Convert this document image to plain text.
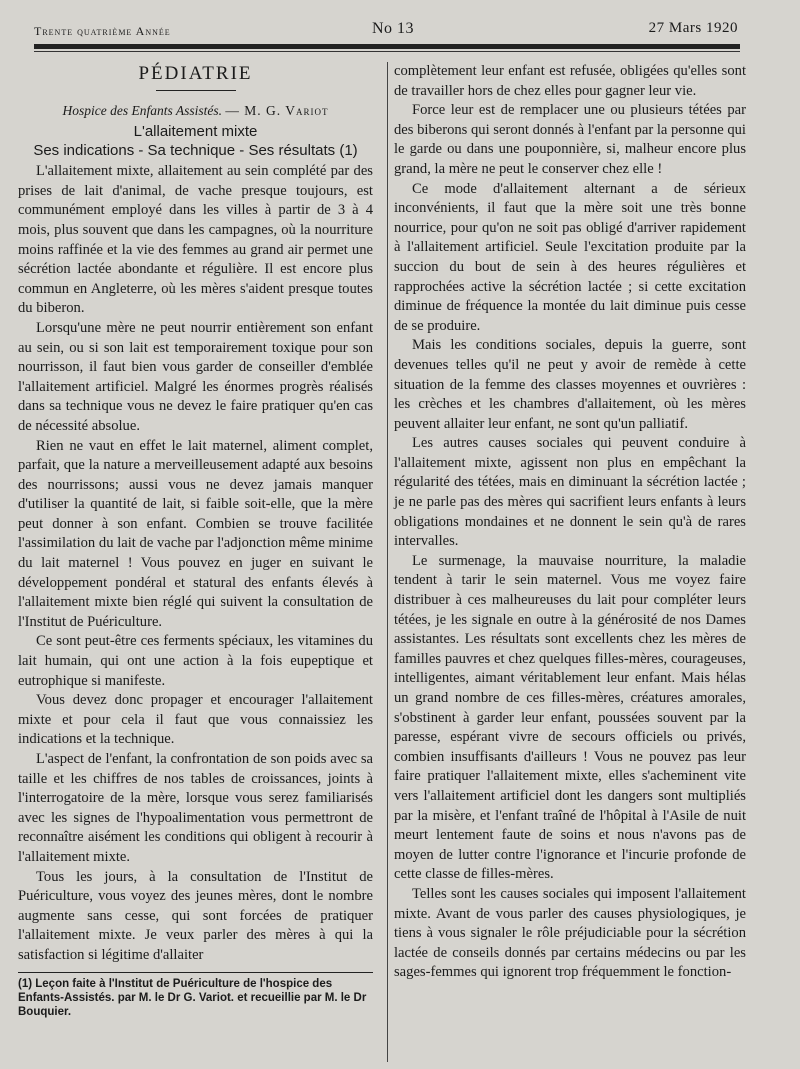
Trente quatrième Année	No 13	27 Mars 1920
PÉDIATRIE
Hospice des Enfants Assistés. — M. G. Variot
L'allaitement mixte
Ses indications - Sa technique - Ses résultats (1)

L'allaitement mixte, allaitement au sein complété par des prises de lait d'animal, de vache presque toujours, est communément employé dans les villes à partir de 3 à 4 mois, plus souvent que dans les campagnes, où la nourriture moins raffinée et la vie des femmes au grand air permet une sécrétion lactée abondante et régulière. Il est encore plus commun en Angleterre, où les mères s'aident presque toutes du biberon.

Lorsqu'une mère ne peut nourrir entièrement son enfant au sein, ou si son lait est temporairement toxique pour son nourrisson, il faut bien vous garder de conseiller d'emblée l'allaitement artificiel. Malgré les énormes progrès réalisés dans sa technique vous ne devez le faire pratiquer qu'en cas de nécessité absolue.

Rien ne vaut en effet le lait maternel, aliment complet, parfait, que la nature a merveilleusement adapté aux besoins des nourrissons; aussi vous ne devez jamais manquer d'utiliser la quantité de lait, si faible soit-elle, que la mère peut donner à son enfant. Combien se trouve facilitée l'assimilation du lait de vache par l'adjonction même minime du lait maternel ! Vous pouvez en juger en suivant le développement pondéral et statural des enfants élevés à l'allaitement mixte bien réglé qui suivent la consultation de l'Institut de Puériculture.

Ce sont peut-être ces ferments spéciaux, les vitamines du lait humain, qui ont une action à la fois eupeptique et eutrophique si manifeste.

Vous devez donc propager et encourager l'allaitement mixte et pour cela il faut que vous connaissiez les indications et la technique.

L'aspect de l'enfant, la confrontation de son poids avec sa taille et les chiffres de nos tables de croissances, joints à l'interrogatoire de la mère, lorsque vous serez familiarisés avec les signes de l'hypoalimentation vous permettront de reconnaître aisément les conditions qui obligent à recourir à l'allaitement mixte.

Tous les jours, à la consultation de l'Institut de Puériculture, vous voyez des jeunes mères, dont le nombre augmente sans cesse, qui sont forcées de pratiquer l'allaitement mixte. Je veux parler des mères à qui la satisfaction si légitime d'allaiter

(1) Leçon faite à l'Institut de Puériculture de l'hospice des Enfants-Assistés. par M. le Dr G. Variot. et recueillie par M. le Dr Bouquier.

complètement leur enfant est refusée, obligées qu'elles sont de travailler hors de chez elles pour gagner leur vie.

Force leur est de remplacer une ou plusieurs tétées par des biberons qui seront donnés à l'enfant par la personne qui le garde ou dans une pouponnière, si, malheur encore plus grand, la mère ne peut le conserver chez elle !

Ce mode d'allaitement alternant a de sérieux inconvénients, il faut que la mère soit une très bonne nourrice, pour qu'on ne soit pas obligé d'arriver rapidement à l'allaitement artificiel. Seule l'excitation produite par la succion du bout de sein à des heures régulières et rapprochées active la sécrétion lactée ; si cette excitation diminue de fréquence la montée du lait diminue puis cesse de se produire.

Mais les conditions sociales, depuis la guerre, sont devenues telles qu'il ne peut y avoir de remède à cette situation de la femme des classes moyennes et ouvrières : les crèches et les chambres d'allaitement, où les mères peuvent allaiter leur enfant, ne sont qu'un palliatif.

Les autres causes sociales qui peuvent conduire à l'allaitement mixte, agissent non plus en empêchant la régularité des tétées, mais en diminuant la sécrétion lactée ; je ne parle pas des mères qui sacrifient leurs enfants à leurs obligations mondaines et ne donnent le sein qu'à de rares intervalles.

Le surmenage, la mauvaise nourriture, la maladie tendent à tarir le sein maternel. Vous me voyez faire distribuer à ces malheureuses du lait pour compléter leurs tétées, je les signale en outre à la générosité de nos Dames assistantes. Les résultats sont excellents chez les mères de familles pauvres et chez quelques filles-mères, courageuses, intelligentes, aimant véritablement leur enfant. Mais hélas un grand nombre de ces filles-mères, créatures amorales, s'obstinent à garder leur enfant, poussées souvent par la paresse, espérant vivre de secours officiels ou privés, combien insuffisants d'ailleurs ! Vous ne pouvez pas leur faire pratiquer l'allaitement mixte, elles s'acheminent vite vers l'allaitement artificiel dont les dangers sont multipliés par la misère, et l'enfant traîné de l'hôpital à l'Asile de nuit meurt lentement faute de soins et nous n'avons pas de moyen de lutter contre l'ignorance et l'incurie profonde de cette classe de filles-mères.

Telles sont les causes sociales qui imposent l'allaitement mixte. Avant de vous parler des causes physiologiques, je tiens à vous signaler le rôle préjudiciable pour la sécrétion lactée de conseils donnés par certains médecins ou par les sages-femmes qui ignorent trop fréquemment le fonction-
